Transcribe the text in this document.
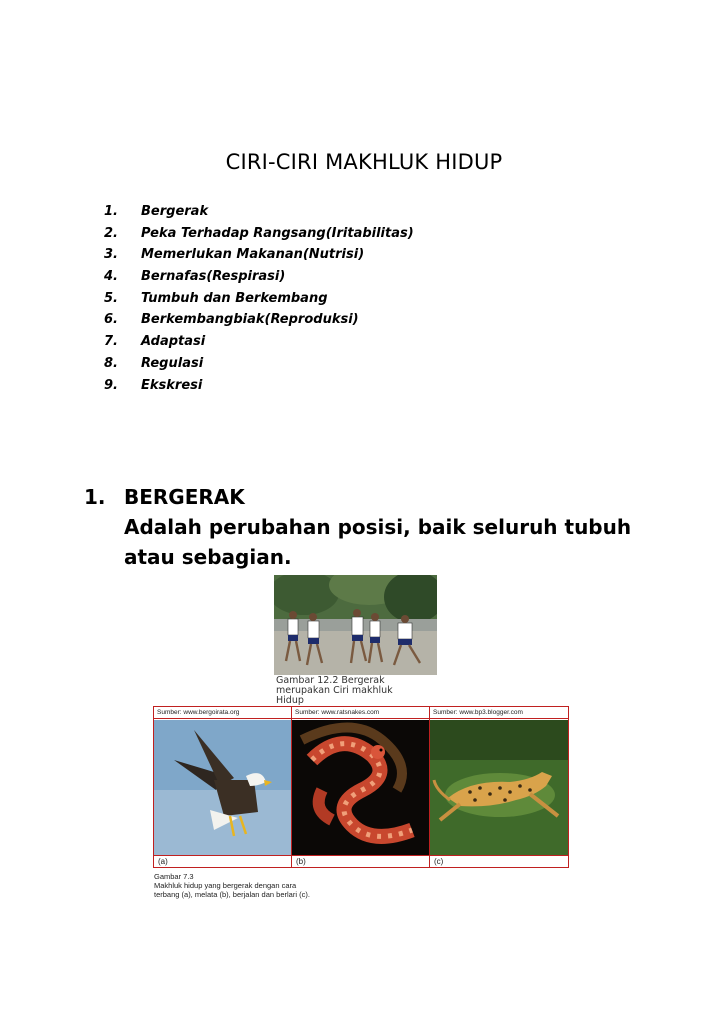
CIRI-CIRI MAKHLUK HIDUP
1. Bergerak
2. Peka Terhadap Rangsang(Iritabilitas)
3. Memerlukan Makanan(Nutrisi)
4. Bernafas(Respirasi)
5. Tumbuh dan Berkembang
6. Berkembangbiak(Reproduksi)
7. Adaptasi
8. Regulasi
9. Ekskresi
1. BERGERAK
Adalah perubahan posisi, baik seluruh tubuh atau sebagian.
Gambar 12.2 Bergerak
merupakan Ciri makhluk
Hidup
Sumber: www.bergoirata.org
(a)
Sumber: www.ratsnakes.com
(b)
Sumber: www.bp3.blogger.com
(c)
Gambar 7.3
Makhluk hidup yang bergerak dengan cara
terbang (a), melata (b), berjalan dan berlari (c).
